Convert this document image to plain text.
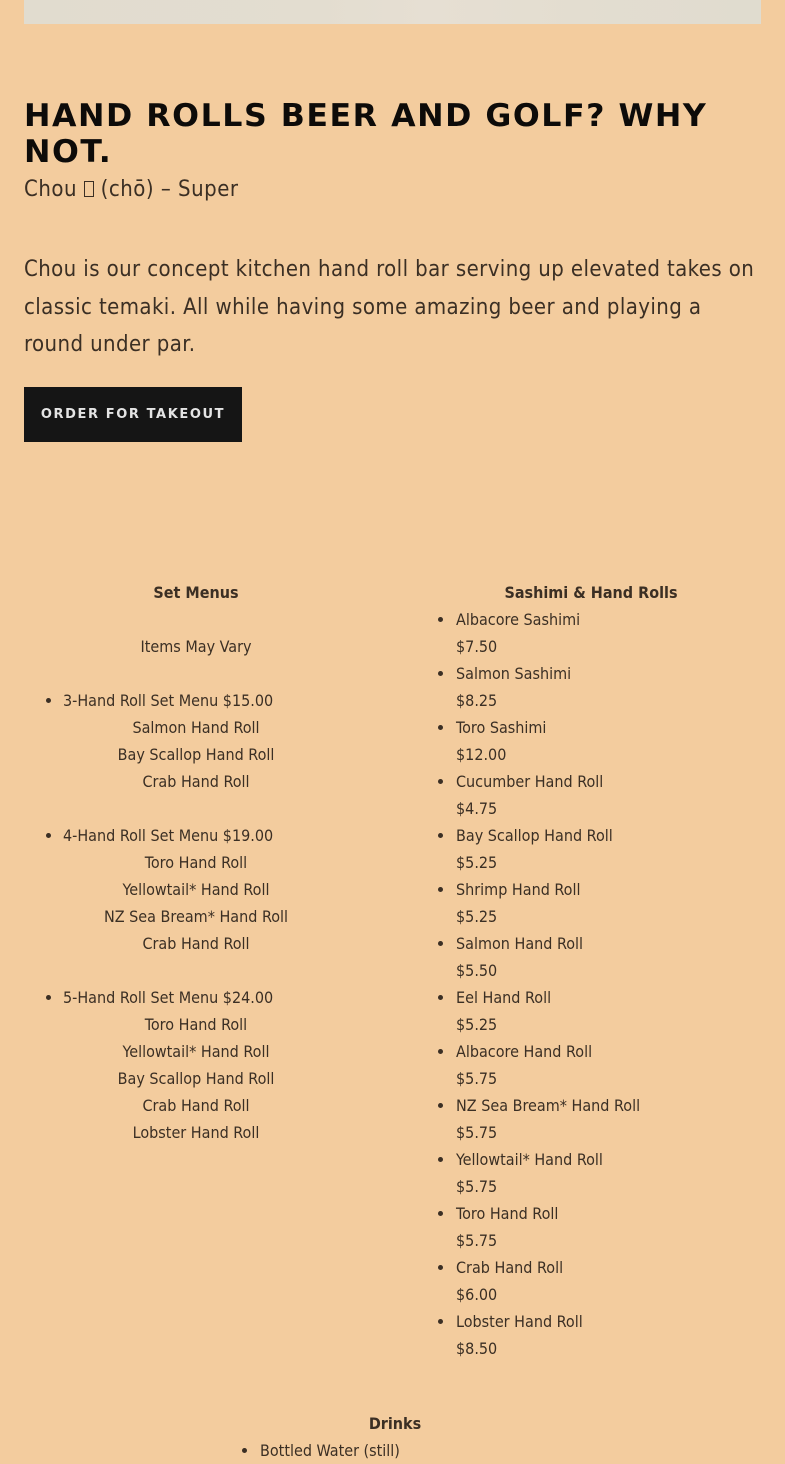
HAND ROLLS BEER AND GOLF? WHY NOT.

Chou  (chō) – Super

Chou is our concept kitchen hand roll bar serving up elevated takes on classic temaki. All while having some amazing beer and playing a round under par.

ORDER FOR TAKEOUT
Set Menus
Items May Vary
3-Hand Roll Set Menu $15.00
Salmon Hand Roll
Bay Scallop Hand Roll
Crab Hand Roll
4-Hand Roll Set Menu $19.00
Toro Hand Roll
Yellowtail* Hand Roll
NZ Sea Bream* Hand Roll
Crab Hand Roll
5-Hand Roll Set Menu $24.00
Toro Hand Roll
Yellowtail* Hand Roll
Bay Scallop Hand Roll
Crab Hand Roll
Lobster Hand Roll
Sashimi & Hand Rolls
Albacore Sashimi
$7.50
Salmon Sashimi
$8.25
Toro Sashimi
$12.00
Cucumber Hand Roll
$4.75
Bay Scallop Hand Roll
$5.25
Shrimp Hand Roll
$5.25
Salmon Hand Roll
$5.50
Eel Hand Roll
$5.25
Albacore Hand Roll
$5.75
NZ Sea Bream* Hand Roll
$5.75
Yellowtail* Hand Roll
$5.75
Toro Hand Roll
$5.75
Crab Hand Roll
$6.00
Lobster Hand Roll
$8.50
Drinks
Bottled Water (still)
